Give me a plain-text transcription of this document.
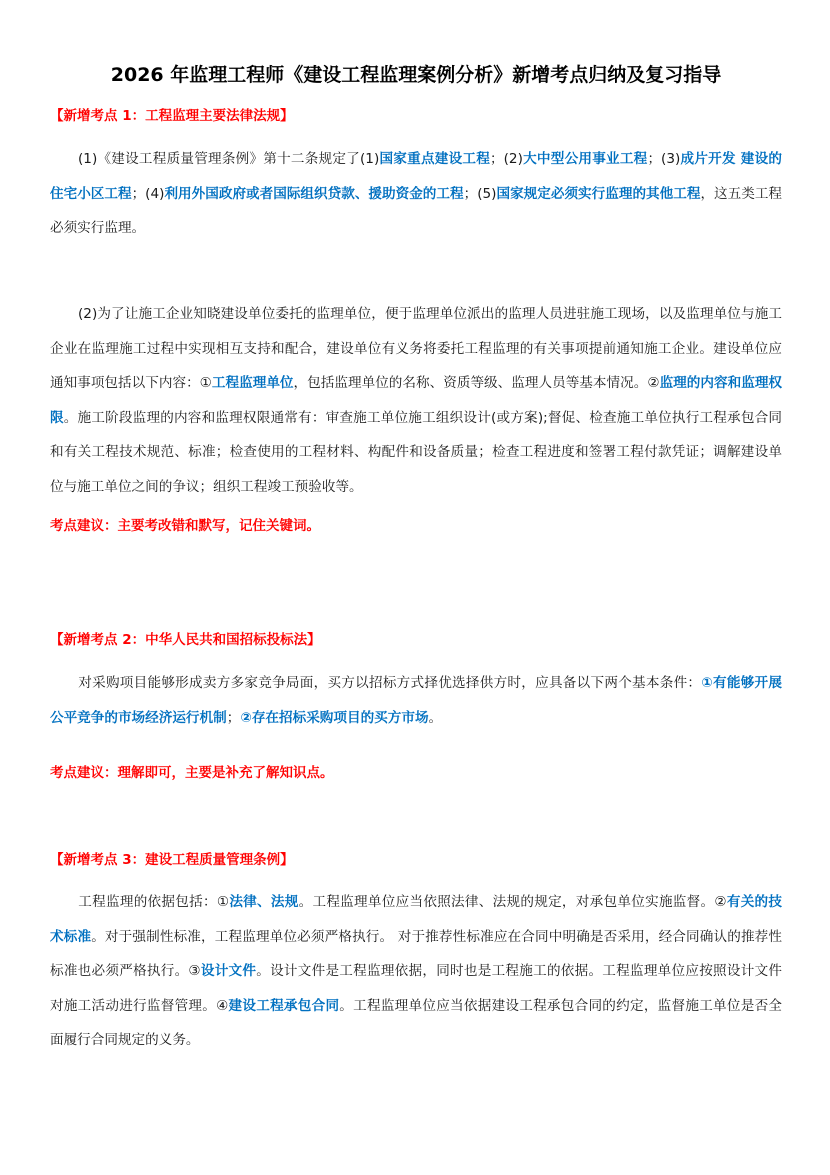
2026 年监理工程师《建设工程监理案例分析》新增考点归纳及复习指导
【新增考点 1：工程监理主要法律法规】
(1)《建设工程质量管理条例》第十二条规定了(1)国家重点建设工程；(2)大中型公用事业工程；(3)成片开发 建设的住宅小区工程；(4)利用外国政府或者国际组织贷款、援助资金的工程；(5)国家规定必须实行监理的其他工程，这五类工程必须实行监理。
(2)为了让施工企业知晓建设单位委托的监理单位，便于监理单位派出的监理人员进驻施工现场，以及监理单位与施工企业在监理施工过程中实现相互支持和配合，建设单位有义务将委托工程监理的有关事项提前通知施工企业。建设单位应通知事项包括以下内容：①工程监理单位，包括监理单位的名称、资质等级、监理人员等基本情况。②监理的内容和监理权限。施工阶段监理的内容和监理权限通常有：审查施工单位施工组织设计(或方案);督促、检查施工单位执行工程承包合同和有关工程技术规范、标准；检查使用的工程材料、构配件和设备质量；检查工程进度和签署工程付款凭证；调解建设单位与施工单位之间的争议；组织工程竣工预验收等。
考点建议：主要考改错和默写，记住关键词。
【新增考点 2：中华人民共和国招标投标法】
对采购项目能够形成卖方多家竞争局面，买方以招标方式择优选择供方时，应具备以下两个基本条件：①有能够开展公平竞争的市场经济运行机制；②存在招标采购项目的买方市场。
考点建议：理解即可，主要是补充了解知识点。
【新增考点 3：建设工程质量管理条例】
工程监理的依据包括：①法律、法规。工程监理单位应当依照法律、法规的规定，对承包单位实施监督。②有关的技术标准。对于强制性标准，工程监理单位必须严格执行。 对于推荐性标准应在合同中明确是否采用，经合同确认的推荐性标准也必须严格执行。③设计文件。设计文件是工程监理依据，同时也是工程施工的依据。工程监理单位应按照设计文件对施工活动进行监督管理。④建设工程承包合同。工程监理单位应当依据建设工程承包合同的约定，监督施工单位是否全面履行合同规定的义务。
